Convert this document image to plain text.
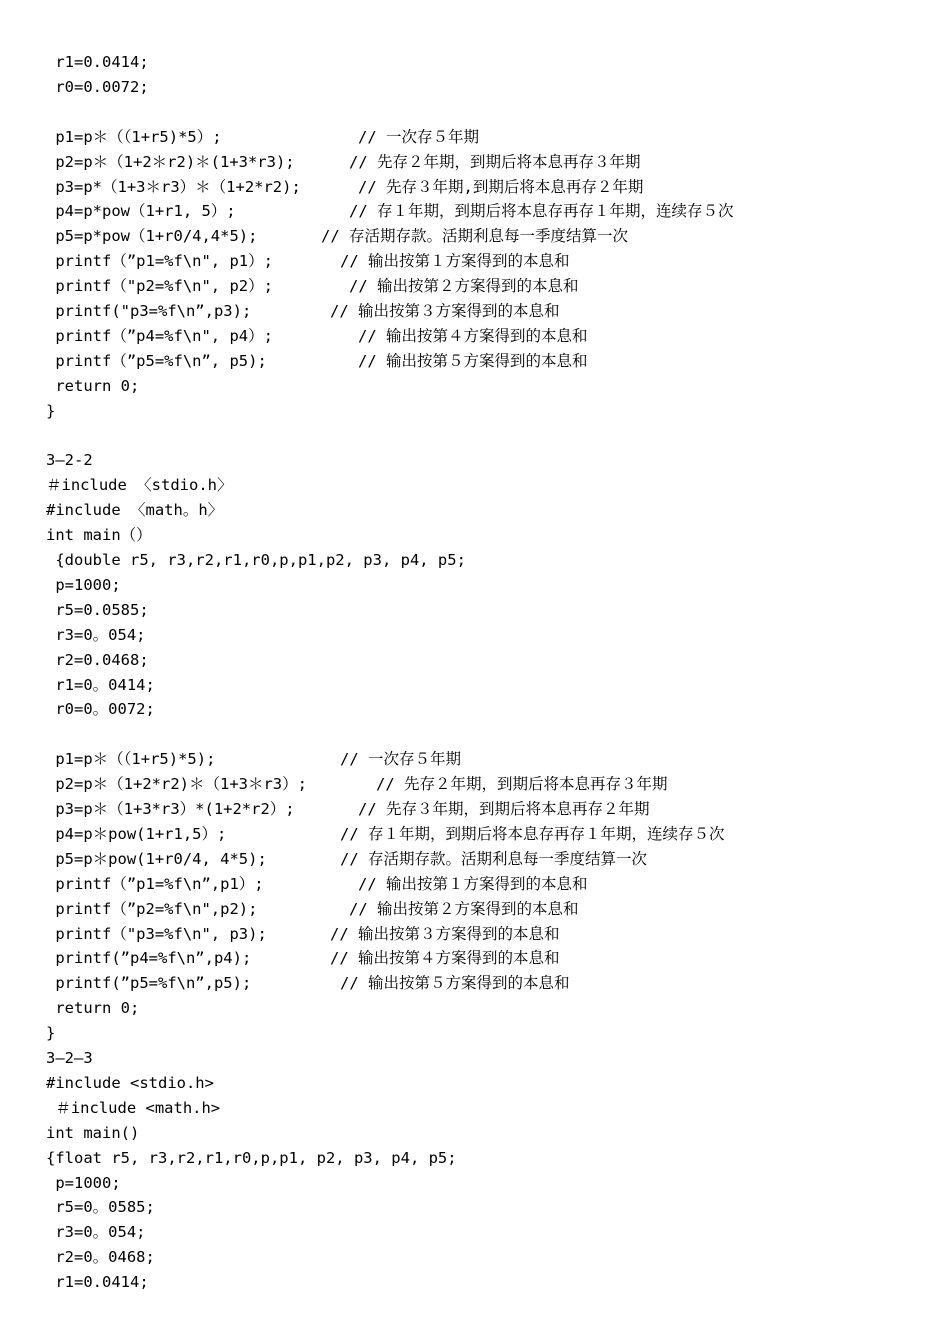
r1=0.0414;
r0=0.0072;
p1=p＊（（1+r5)*5）;	// 一次存５年期
p2=p＊（1+2＊r2)＊(1+3*r3);	// 先存２年期，到期后将本息再存３年期
p3=p*（1+3＊r3）＊（1+2*r2);	// 先存３年期,到期后将本息再存２年期
p4=p*pow（1+r1, 5）;	// 存１年期，到期后将本息存再存１年期，连续存５次
p5=p*pow（1+r0/4,4*5);	// 存活期存款。活期利息每一季度结算一次
printf（”p1=%f\n", p1）;	// 输出按第１方案得到的本息和
printf（"p2=%f\n", p2）;	// 输出按第２方案得到的本息和
printf("p3=%f\n”,p3);	// 输出按第３方案得到的本息和
printf（”p4=%f\n", p4）;	// 输出按第４方案得到的本息和
printf（”p5=%f\n”, p5);	// 输出按第５方案得到的本息和
return 0;
}
3—2-2
＃include 〈stdio.h〉
#include 〈math。h〉
int main（）
{double r5, r3,r2,r1,r0,p,p1,p2, p3, p4, p5;
p=1000;
r5=0.0585;
r3=0。054;
r2=0.0468;
r1=0。0414;
r0=0。0072;
p1=p＊（（1+r5)*5);	// 一次存５年期
p2=p＊（1+2*r2)＊（1+3＊r3）;	// 先存２年期，到期后将本息再存３年期
p3=p＊（1+3*r3）*(1+2*r2）;	// 先存３年期，到期后将本息再存２年期
p4=p＊pow(1+r1,5）;	// 存１年期，到期后将本息存再存１年期，连续存５次
p5=p＊pow(1+r0/4, 4*5);	// 存活期存款。活期利息每一季度结算一次
printf（”p1=%f\n”,p1）;	// 输出按第１方案得到的本息和
printf（”p2=%f\n",p2);	// 输出按第２方案得到的本息和
printf（"p3=%f\n", p3);	// 输出按第３方案得到的本息和
printf(”p4=%f\n”,p4);	// 输出按第４方案得到的本息和
printf(”p5=%f\n”,p5);	// 输出按第５方案得到的本息和
return 0;
}
3—2—3
#include <stdio.h>
＃include <math.h>
int main()
{float r5, r3,r2,r1,r0,p,p1, p2, p3, p4, p5;
p=1000;
r5=0。0585;
r3=0。054;
r2=0。0468;
r1=0.0414;
